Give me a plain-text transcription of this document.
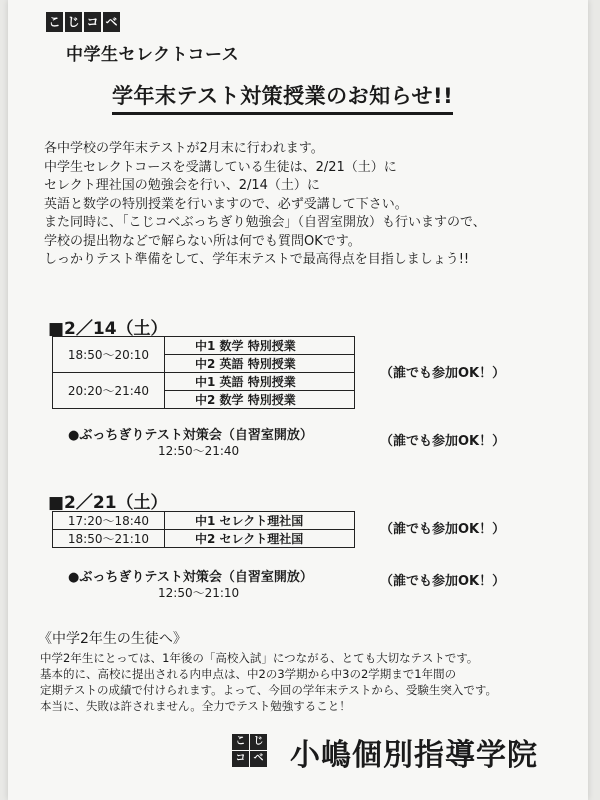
こ じ コ ベ
中学生セレクトコース
学年末テスト対策授業のお知らせ!!

各中学校の学年末テストが2月末に行われます。

中学生セレクトコースを受講している生徒は、2/21（土）に

セレクト理社国の勉強会を行い、2/14（土）に

英語と数学の特別授業を行いますので、必ず受講して下さい。

また同時に、「こじコベぶっちぎり勉強会」（自習室開放）も行いますので、

学校の提出物などで解らない所は何でも質問OKです。

しっかりテスト準備をして、学年末テストで最高得点を目指しましょう!!

■2／14（土）
18:50〜20:10	中1 数学 特別授業
	中2 英語 特別授業
20:20〜21:40	中1 英語 特別授業
	中2 数学 特別授業
（誰でも参加OK！）
●ぶっちぎりテスト対策会（自習室開放）	（誰でも参加OK！）
12:50〜21:40
■2／21（土）
17:20〜18:40	中1 セレクト理社国
18:50〜21:10	中2 セレクト理社国
（誰でも参加OK！）
●ぶっちぎりテスト対策会（自習室開放）	（誰でも参加OK！）
12:50〜21:10
《中学2年生の生徒へ》

中学2年生にとっては、1年後の「高校入試」につながる、とても大切なテストです。

基本的に、高校に提出される内申点は、中2の3学期から中3の2学期まで1年間の

定期テストの成績で付けられます。よって、今回の学年末テストから、受験生突入です。

本当に、失敗は許されません。全力でテスト勉強すること！

こ じ
コ ベ 小嶋個別指導学院
